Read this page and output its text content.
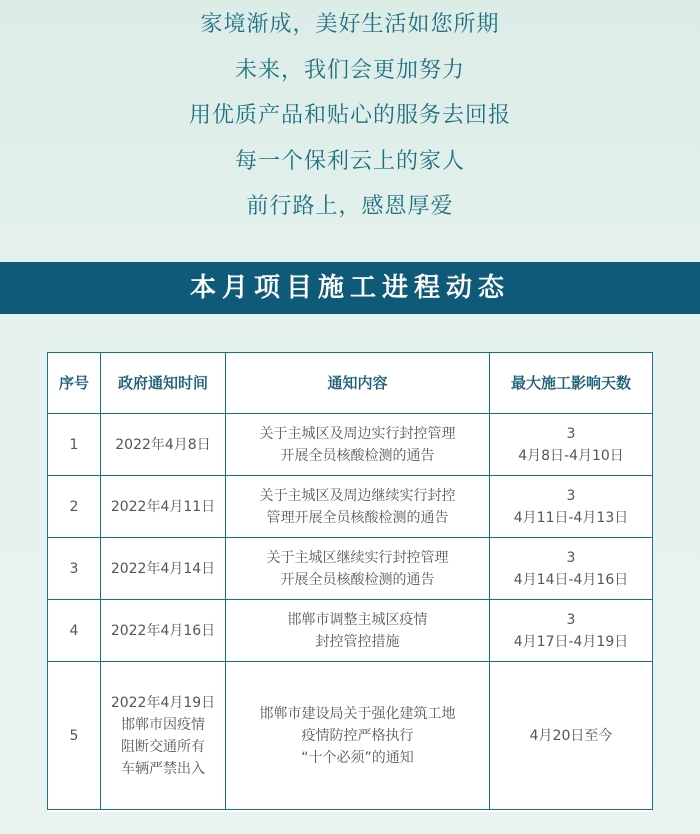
家境渐成，美好生活如您所期
未来，我们会更加努力
用优质产品和贴心的服务去回报
每一个保利云上的家人
前行路上，感恩厚爱
本月项目施工进程动态
序号	政府通知时间	通知内容	最大施工影响天数
1	2022年4月8日	关于主城区及周边实行封控管理
开展全员核酸检测的通告	3
4月8日-4月10日

2	2022年4月11日	关于主城区及周边继续实行封控
管理开展全员核酸检测的通告	3
4月11日-4月13日

3	2022年4月14日	关于主城区继续实行封控管理
开展全员核酸检测的通告	3
4月14日-4月16日

4	2022年4月16日	邯郸市调整主城区疫情
封控管控措施	3
4月17日-4月19日

5	2022年4月19日
邯郸市因疫情
阻断交通所有
车辆严禁出入	邯郸市建设局关于强化建筑工地
疫情防控严格执行
“十个必须”的通知	4月20日至今
